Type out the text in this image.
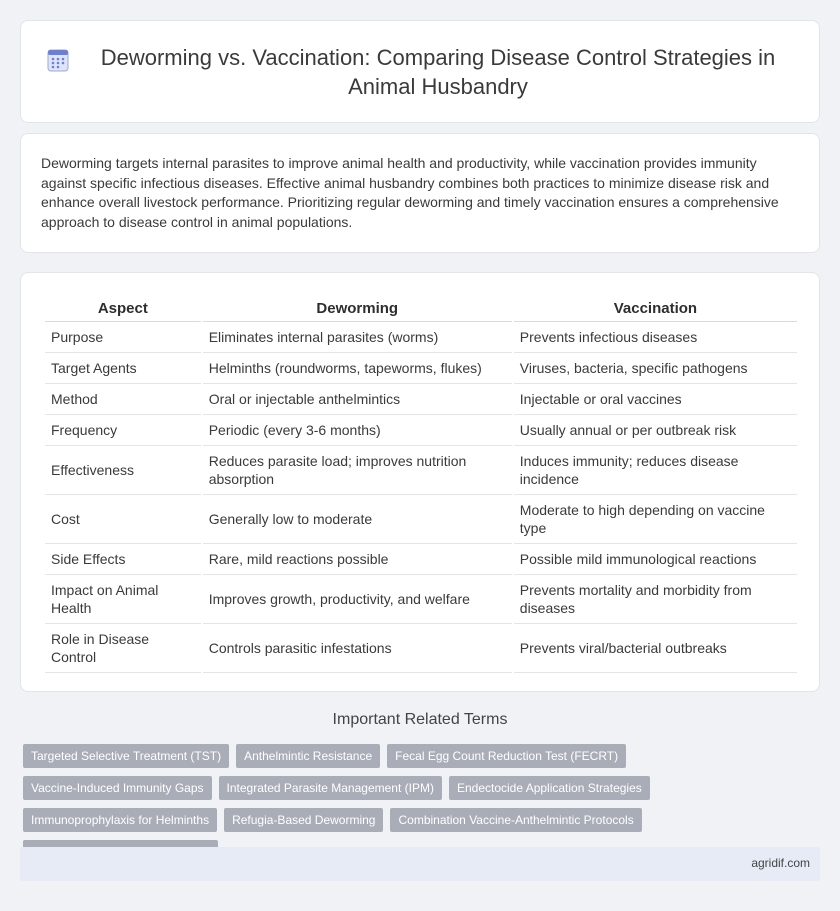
Deworming vs. Vaccination: Comparing Disease Control Strategies in Animal Husbandry

Deworming targets internal parasites to improve animal health and productivity, while vaccination provides immunity against specific infectious diseases. Effective animal husbandry combines both practices to minimize disease risk and enhance overall livestock performance. Prioritizing regular deworming and timely vaccination ensures a comprehensive approach to disease control in animal populations.

Aspect	Deworming	Vaccination
Purpose	Eliminates internal parasites (worms)	Prevents infectious diseases
Target Agents	Helminths (roundworms, tapeworms, flukes)	Viruses, bacteria, specific pathogens
Method	Oral or injectable anthelmintics	Injectable or oral vaccines
Frequency	Periodic (every 3-6 months)	Usually annual or per outbreak risk
Effectiveness	Reduces parasite load; improves nutrition absorption	Induces immunity; reduces disease incidence
Cost	Generally low to moderate	Moderate to high depending on vaccine type
Side Effects	Rare, mild reactions possible	Possible mild immunological reactions
Impact on Animal Health	Improves growth, productivity, and welfare	Prevents mortality and morbidity from diseases
Role in Disease Control	Controls parasitic infestations	Prevents viral/bacterial outbreaks
Important Related Terms
Targeted Selective Treatment (TST)	Anthelmintic Resistance	Fecal Egg Count Reduction Test (FECRT)
Vaccine-Induced Immunity Gaps	Integrated Parasite Management (IPM)	Endectocide Application Strategies
Immunoprophylaxis for Helminths	Refugia-Based Deworming	Combination Vaccine-Anthelmintic Protocols
agridif.com
